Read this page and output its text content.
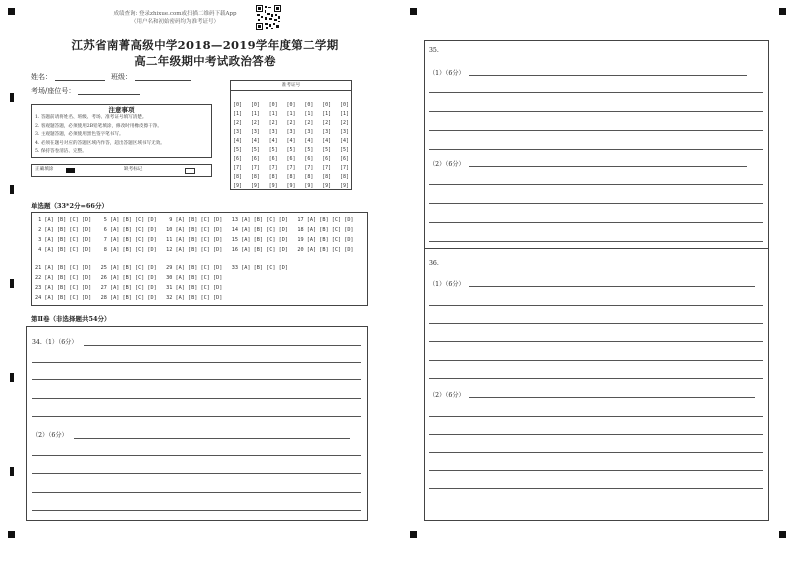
成绩查询: 登录zhixue.com或扫描二维码下载App
（用户名和初始密码均为准考证号）
江苏省南菁高级中学2018—2019学年度第二学期
高二年级期中考试政治答卷
姓名：	班级：
考场/座位号：
准考证号
[0]
[1]
[2]
[3]
[4]
[5]
[6]
[7]
[8]
[9]
[0]
[1]
[2]
[3]
[4]
[5]
[6]
[7]
[8]
[9]
[0]
[1]
[2]
[3]
[4]
[5]
[6]
[7]
[8]
[9]
[0]
[1]
[2]
[3]
[4]
[5]
[6]
[7]
[8]
[9]
[0]
[1]
[2]
[3]
[4]
[5]
[6]
[7]
[8]
[9]
[0]
[1]
[2]
[3]
[4]
[5]
[6]
[7]
[8]
[9]
[0]
[1]
[2]
[3]
[4]
[5]
[6]
[7]
[8]
[9]
注意事项
1. 答题前请将姓名、班级、考场、准考证号填写清楚。
2. 客观题答题，必须使用2B铅笔填涂，修改时用橡皮擦干净。
3. 主观题答题，必须使用黑色签字笔书写。
4. 必须在题号对应的答题区域内作答，超出答题区域书写无效。
5. 保持答卷清洁、完整。
正确填涂	缺考标记
单选题（33*2分=66分）
1 [A] [B] [C] [D]    5 [A] [B] [C] [D]    9 [A] [B] [C] [D]   13 [A] [B] [C] [D]   17 [A] [B] [C] [D]
2 [A] [B] [C] [D]    6 [A] [B] [C] [D]   10 [A] [B] [C] [D]   14 [A] [B] [C] [D]   18 [A] [B] [C] [D]
3 [A] [B] [C] [D]    7 [A] [B] [C] [D]   11 [A] [B] [C] [D]   15 [A] [B] [C] [D]   19 [A] [B] [C] [D]
4 [A] [B] [C] [D]    8 [A] [B] [C] [D]   12 [A] [B] [C] [D]   16 [A] [B] [C] [D]   20 [A] [B] [C] [D]
21 [A] [B] [C] [D]   25 [A] [B] [C] [D]   29 [A] [B] [C] [D]   33 [A] [B] [C] [D]
22 [A] [B] [C] [D]   26 [A] [B] [C] [D]   30 [A] [B] [C] [D]
23 [A] [B] [C] [D]   27 [A] [B] [C] [D]   31 [A] [B] [C] [D]
24 [A] [B] [C] [D]   28 [A] [B] [C] [D]   32 [A] [B] [C] [D]
第Ⅱ卷（非选择题共54分）
34.（1）（6分）
（2）（6分）
35.
（1）（6分）
（2）（6分）
36.
（1）（6分）
（2）（6分）
